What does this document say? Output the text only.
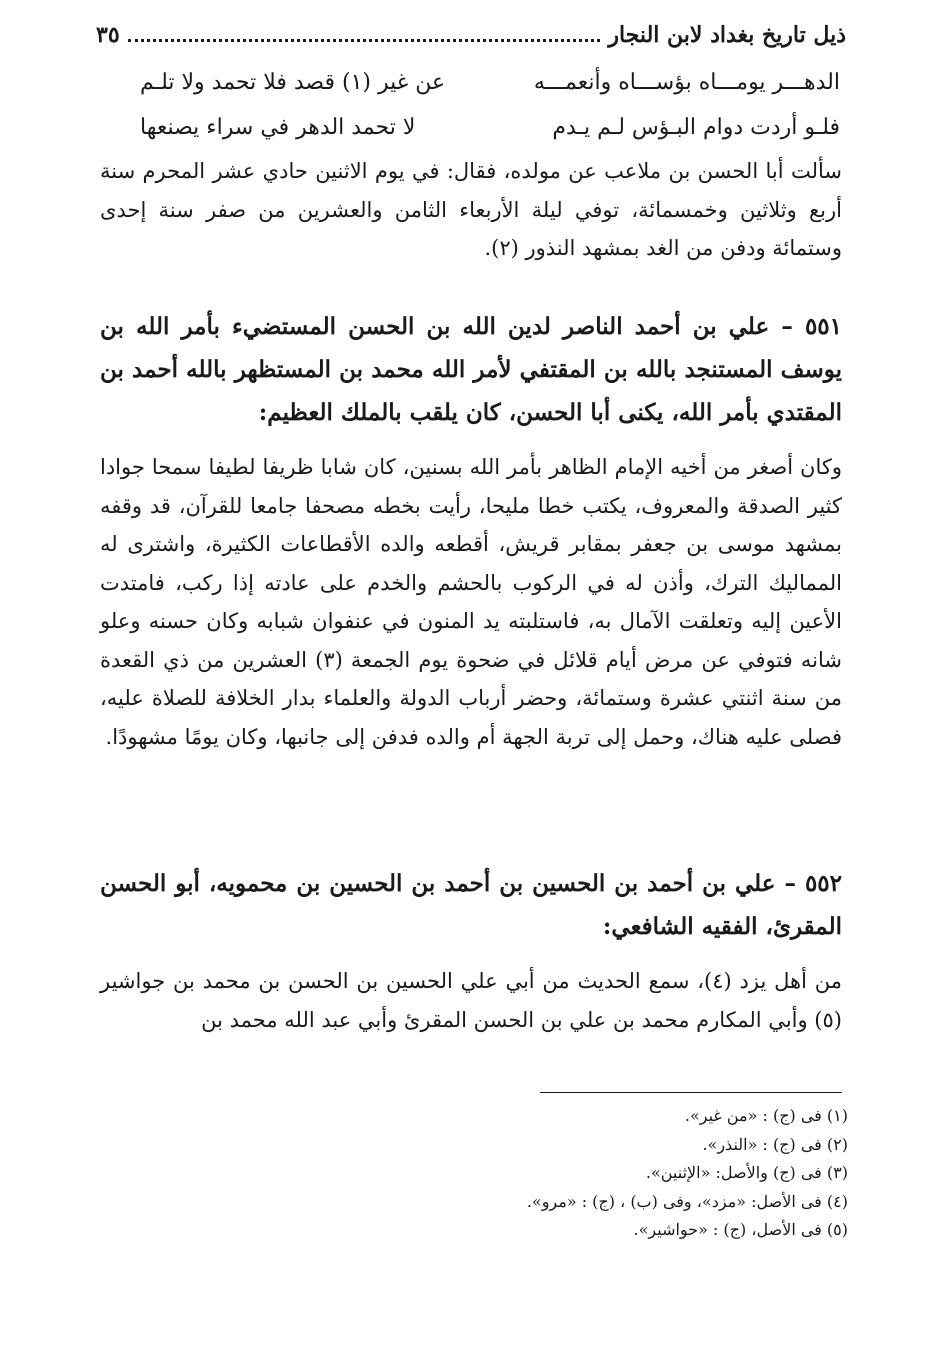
ذيل تاريخ بغداد لابن النجار
٣٥
الدهـــر يومـــاه بؤســـاه وأنعمـــه
عن غير (١) قصد فلا تحمد ولا تلـم
فلـو أردت دوام البـؤس لـم يـدم
لا تحمد الدهر في سراء يصنعها

سألت أبا الحسن بن ملاعب عن مولده، فقال: في يوم الاثنين حادي عشر المحرم سنة أربع وثلاثين وخمسمائة، توفي ليلة الأربعاء الثامن والعشرين من صفر سنة إحدى وستمائة ودفن من الغد بمشهد النذور (٢).

٥٥١ – علي بن أحمد الناصر لدين الله بن الحسن المستضيء بأمر الله بن يوسف المستنجد بالله بن المقتفي لأمر الله محمد بن المستظهر بالله أحمد بن المقتدي بأمر الله، يكنى أبا الحسن، كان يلقب بالملك العظيم:

وكان أصغر من أخيه الإمام الظاهر بأمر الله بسنين، كان شابا ظريفا لطيفا سمحا جوادا كثير الصدقة والمعروف، يكتب خطا مليحا، رأيت بخطه مصحفا جامعا للقرآن، قد وقفه بمشهد موسى بن جعفر بمقابر قريش، أقطعه والده الأقطاعات الكثيرة، واشترى له المماليك الترك، وأذن له في الركوب بالحشم والخدم على عادته إذا ركب، فامتدت الأعين إليه وتعلقت الآمال به، فاستلبته يد المنون في عنفوان شبابه وكان حسنه وعلو شانه فتوفي عن مرض أيام قلائل في ضحوة يوم الجمعة (٣) العشرين من ذي القعدة من سنة اثنتي عشرة وستمائة، وحضر أرباب الدولة والعلماء بدار الخلافة للصلاة عليه، فصلى عليه هناك، وحمل إلى تربة الجهة أم والده فدفن إلى جانبها، وكان يومًا مشهودًا.

٥٥٢ – علي بن أحمد بن الحسين بن أحمد بن الحسين بن محمويه، أبو الحسن المقرئ، الفقيه الشافعي:

من أهل يزد (٤)، سمع الحديث من أبي علي الحسين بن الحسن بن محمد بن جواشير (٥) وأبي المكارم محمد بن علي بن الحسن المقرئ وأبي عبد الله محمد بن

(١) فى (ج) : «من غير».
(٢) فى (ج) : «النذر».
(٣) فى (ج) والأصل: «الإثنين».
(٤) فى الأصل: «مزد»، وفى (ب) ، (ج) : «مرو».
(٥) فى الأصل، (ج) : «حواشير».
